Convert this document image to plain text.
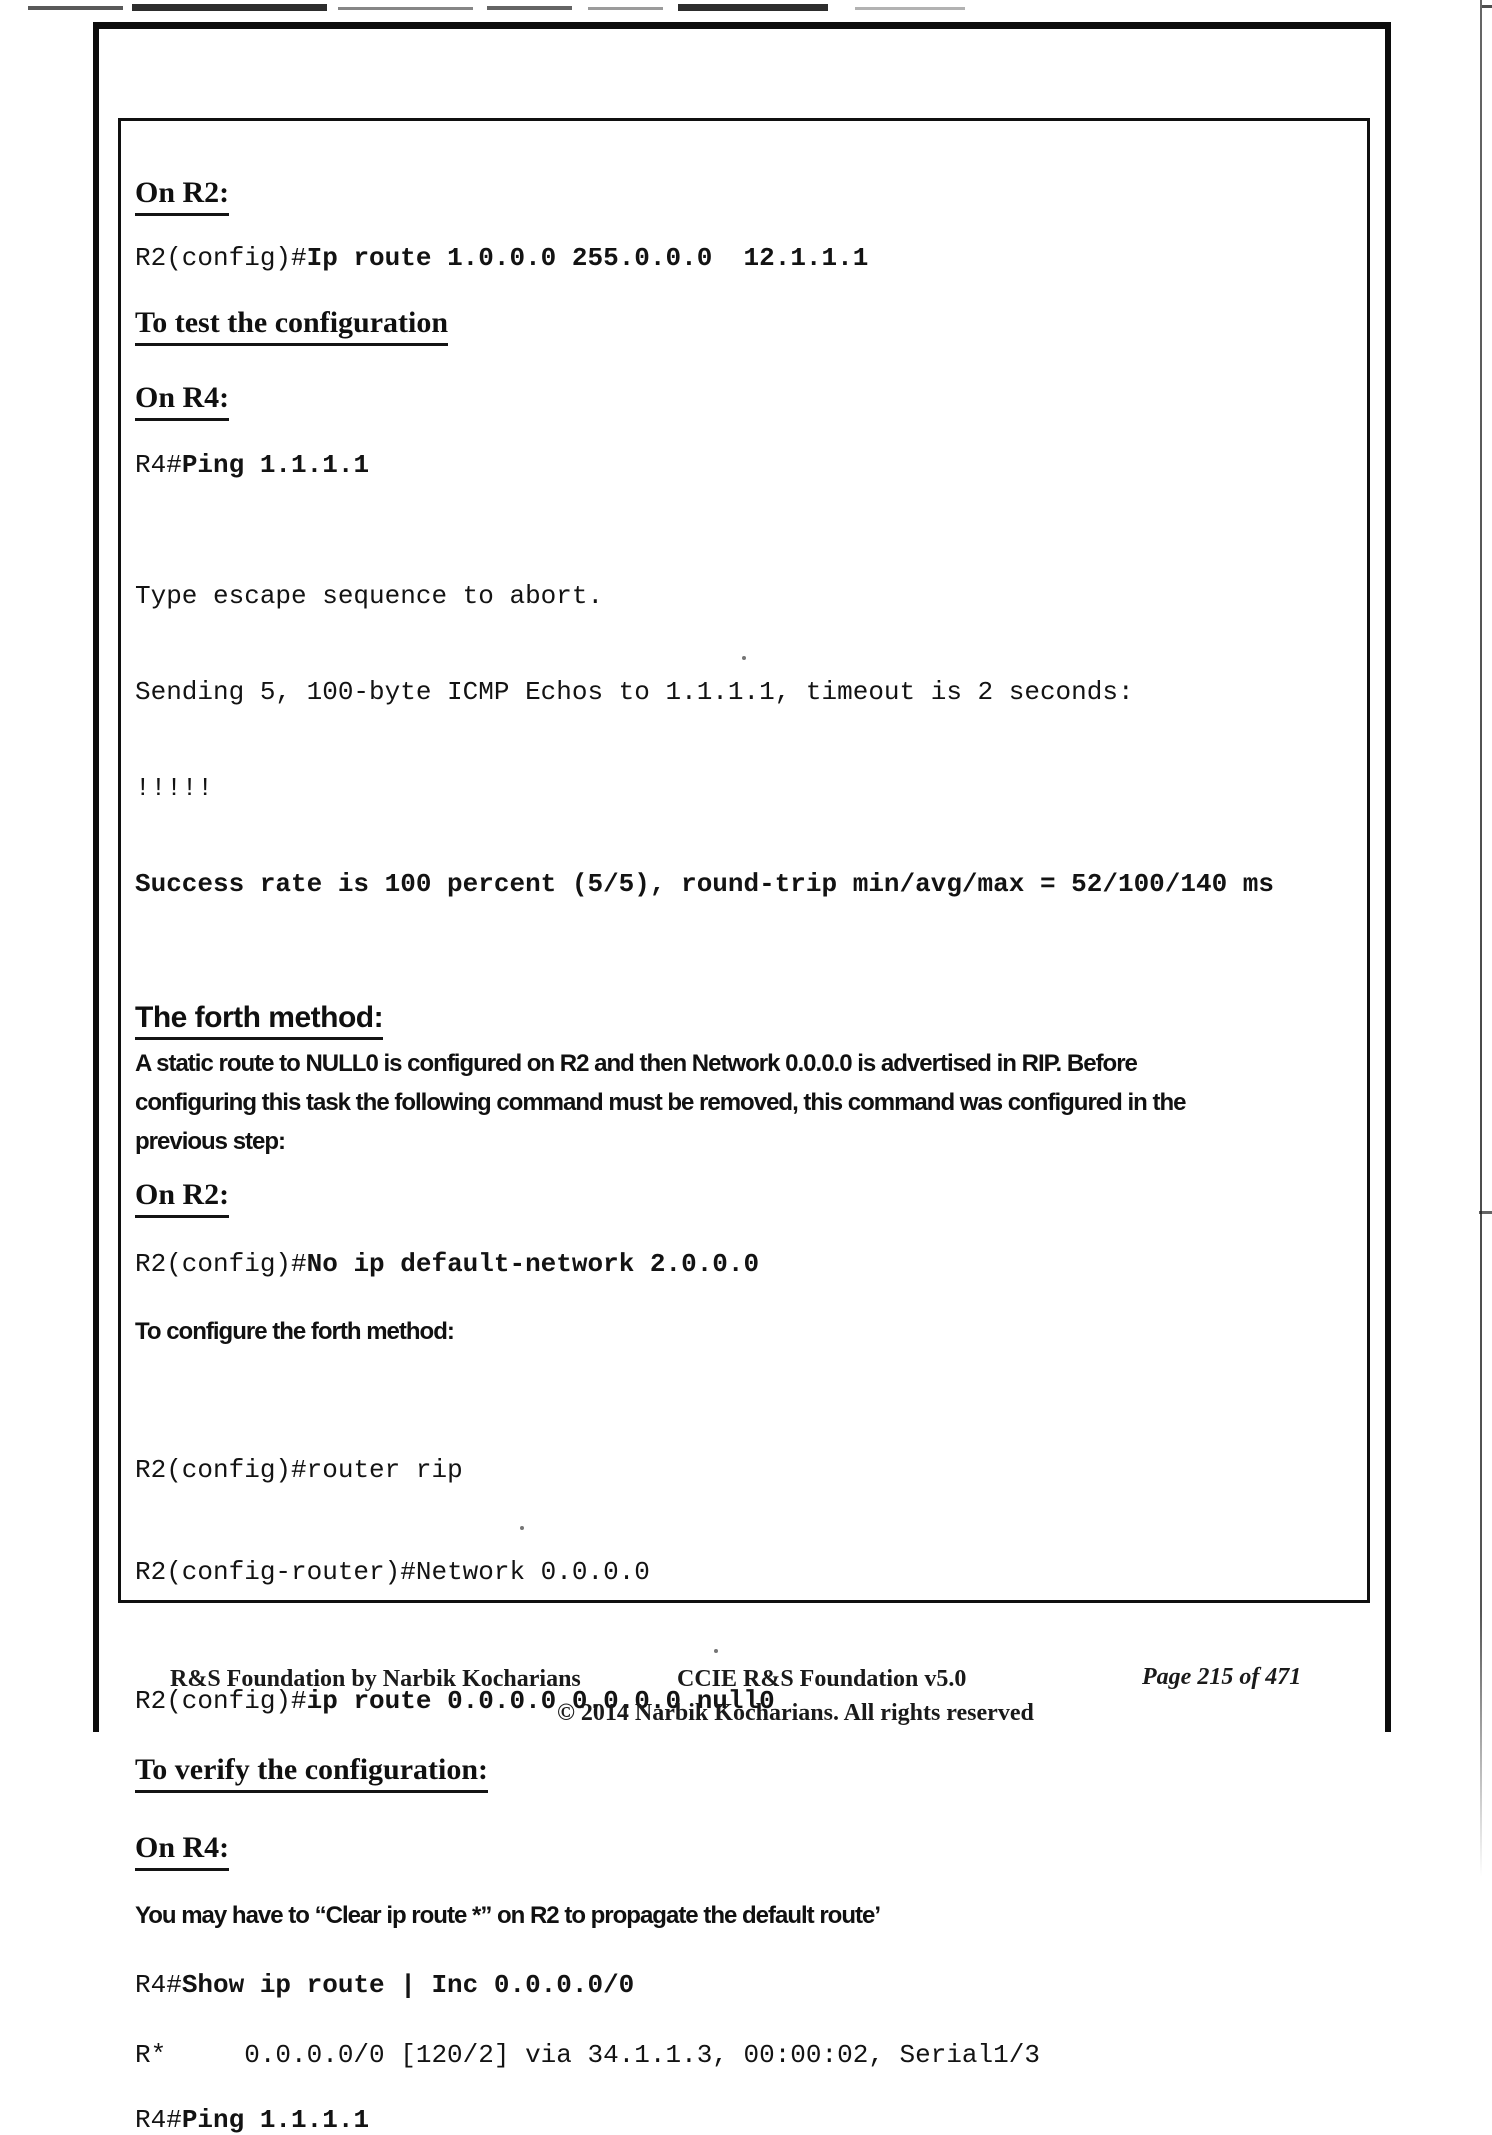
On R2:
R2(config)#Ip route 1.0.0.0 255.0.0.0  12.1.1.1
To test the configuration
On R4:
R4#Ping 1.1.1.1

Type escape sequence to abort.

Sending 5, 100-byte ICMP Echos to 1.1.1.1, timeout is 2 seconds:

!!!!!

Success rate is 100 percent (5/5), round-trip min/avg/max = 52/100/140 ms

The forth method:
A static route to NULL0 is configured on R2 and then Network 0.0.0.0 is advertised in RIP. Before configuring this task the following command must be removed, this command was configured in the previous step:
On R2:
R2(config)#No ip default-network 2.0.0.0
To configure the forth method:

R2(config)#router rip

R2(config-router)#Network 0.0.0.0

R2(config)#ip route 0.0.0.0 0.0.0.0 null0
To verify the configuration:
On R4:
You may have to “Clear ip route *” on R2 to propagate the default route’
R4#Show ip route | Inc 0.0.0.0/0
R*     0.0.0.0/0 [120/2] via 34.1.1.3, 00:00:02, Serial1/3
R4#Ping 1.1.1.1
R&S Foundation by Narbik Kocharians	CCIE R&S Foundation v5.0	Page 215 of 471
© 2014 Narbik Kocharians. All rights reserved
